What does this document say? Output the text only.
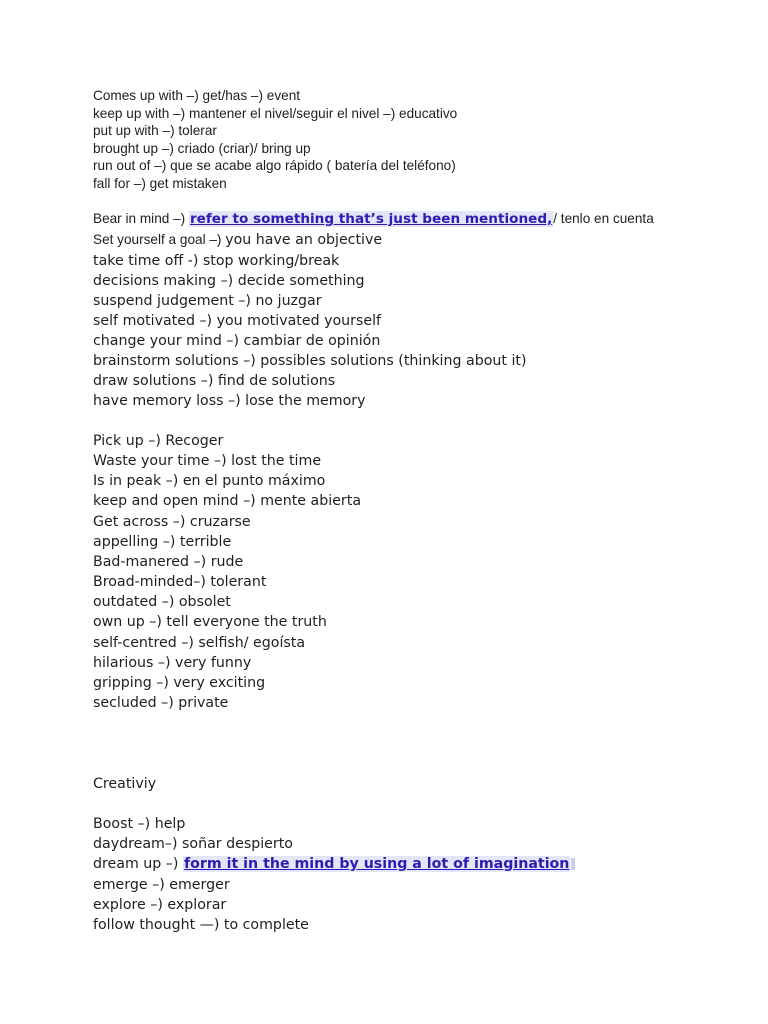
Comes up with –) get/has –) event
keep up with –) mantener el nivel/seguir el nivel –) educativo
put up with –) tolerar
brought up –) criado (criar)/ bring up
run out of –) que se acabe algo rápido ( batería del teléfono)
fall for –) get mistaken
Bear in mind –) refer to something that’s just been mentioned,/ tenlo en cuenta
Set yourself a goal –) you have an objective
take time off -) stop working/break
decisions making –) decide something
suspend judgement –) no juzgar
self motivated –) you motivated yourself
change your mind –) cambiar de opinión
brainstorm solutions –) possibles solutions (thinking about it)
draw solutions –) find de solutions
have memory loss –) lose the memory
Pick up –) Recoger
Waste your time –) lost the time
Is in peak –) en el punto máximo
keep and open mind –) mente abierta
Get across –) cruzarse
appelling –) terrible
Bad-manered –) rude
Broad-minded–) tolerant
outdated –) obsolet
own up –) tell everyone the truth
self-centred –) selfish/ egoísta
hilarious –) very funny
gripping –) very exciting
secluded –) private
Creativiy
Boost –) help
daydream–) soñar despierto
dream up –) form it in the mind by using a lot of imagination
emerge –) emerger
explore –) explorar
follow thought —) to complete
